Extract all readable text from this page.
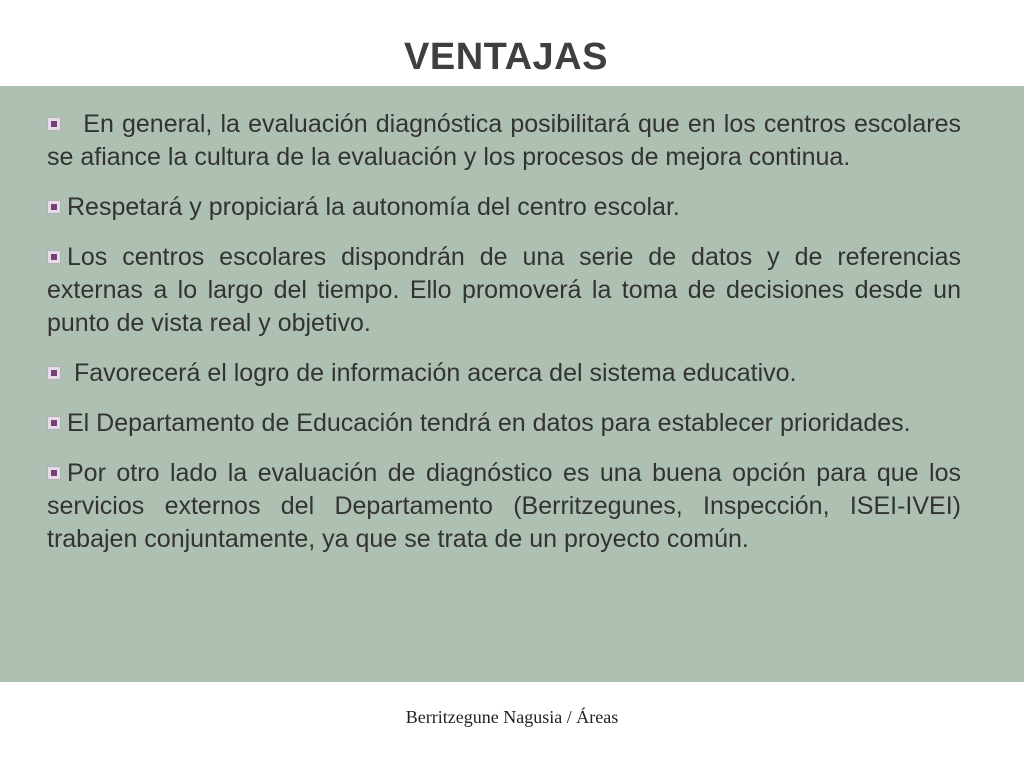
VENTAJAS
En general, la evaluación diagnóstica posibilitará que en los centros escolares se afiance la cultura de la evaluación y los procesos de mejora continua.
Respetará y propiciará la autonomía del centro escolar.
Los centros escolares dispondrán de una serie de datos y de referencias externas a lo largo del tiempo. Ello promoverá la toma de decisiones desde un punto de vista real y objetivo.
Favorecerá el logro de información acerca del sistema educativo.
El Departamento de Educación tendrá en datos para establecer prioridades.
Por otro lado la evaluación de diagnóstico es una buena opción para que los servicios externos del Departamento (Berritzegunes, Inspección, ISEI-IVEI) trabajen conjuntamente, ya que se trata de un proyecto común.
Berritzegune Nagusia / Áreas
